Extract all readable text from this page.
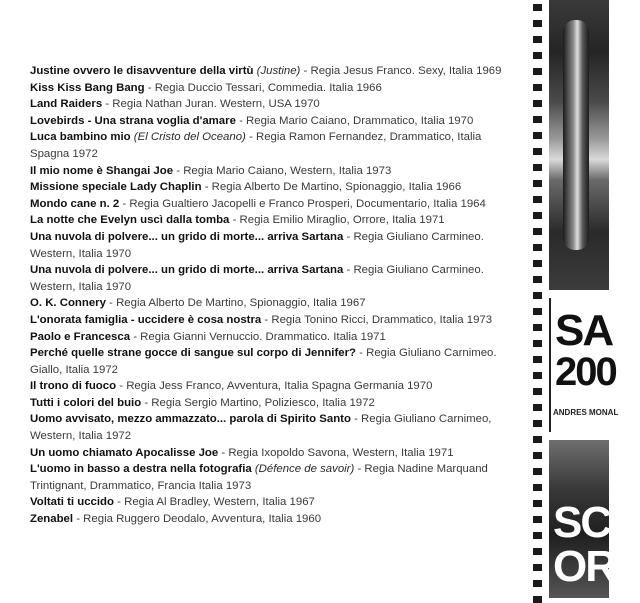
Justine ovvero le disavventure della virtù (Justine) - Regia Jesus Franco. Sexy, Italia 1969
Kiss Kiss Bang Bang - Regia Duccio Tessari, Commedia. Italia 1966
Land Raiders - Regia Nathan Juran. Western, USA 1970
Lovebirds - Una strana voglia d'amare - Regia Mario Caiano, Drammatico, Italia 1970
Luca bambino mio (El Cristo del Oceano) - Regia Ramon Fernandez, Drammatico, Italia Spagna 1972
Il mio nome è Shangai Joe - Regia Mario Caiano, Western, Italia 1973
Missione speciale Lady Chaplin - Regia Alberto De Martino, Spionaggio, Italia 1966
Mondo cane n. 2 - Regia Gualtiero Jacopelli e Franco Prosperi, Documentario, Italia 1964
La notte che Evelyn uscì dalla tomba - Regia Emilio Miraglio, Orrore, Italia 1971
Una nuvola di polvere... un grido di morte... arriva Sartana - Regia Giuliano Carmineo. Western, Italia 1970
Una nuvola di polvere... un grido di morte... arriva Sartana - Regia Giuliano Carmineo. Western, Italia 1970
O. K. Connery - Regia Alberto De Martino, Spionaggio, Italia 1967
L'onorata famiglia - uccidere è cosa nostra - Regia Tonino Ricci, Drammatico, Italia 1973
Paolo e Francesca - Regia Gianni Vernuccio. Drammatico. Italia 1971
Perché quelle strane gocce di sangue sul corpo di Jennifer? - Regia Giuliano Carnimeo. Giallo, Italia 1972
Il trono di fuoco - Regia Jess Franco, Avventura, Italia Spagna Germania 1970
Tutti i colori del buio - Regia Sergio Martino, Poliziesco, Italia 1972
Uomo avvisato, mezzo ammazzato... parola di Spirito Santo - Regia Giuliano Carnimeo, Western, Italia 1972
Un uomo chiamato Apocalisse Joe - Regia Ixopoldo Savona, Western, Italia 1971
L'uomo in basso a destra nella fotografia (Défence de savoir) - Regia Nadine Marquand Trintignant, Drammatico, Francia Italia 1973
Voltati ti uccido - Regia Al Bradley, Western, Italia 1967
Zenabel - Regia Ruggero Deodalo, Avventura, Italia 1960
SA
200
ANDRES MONAL
SCA
ORI
